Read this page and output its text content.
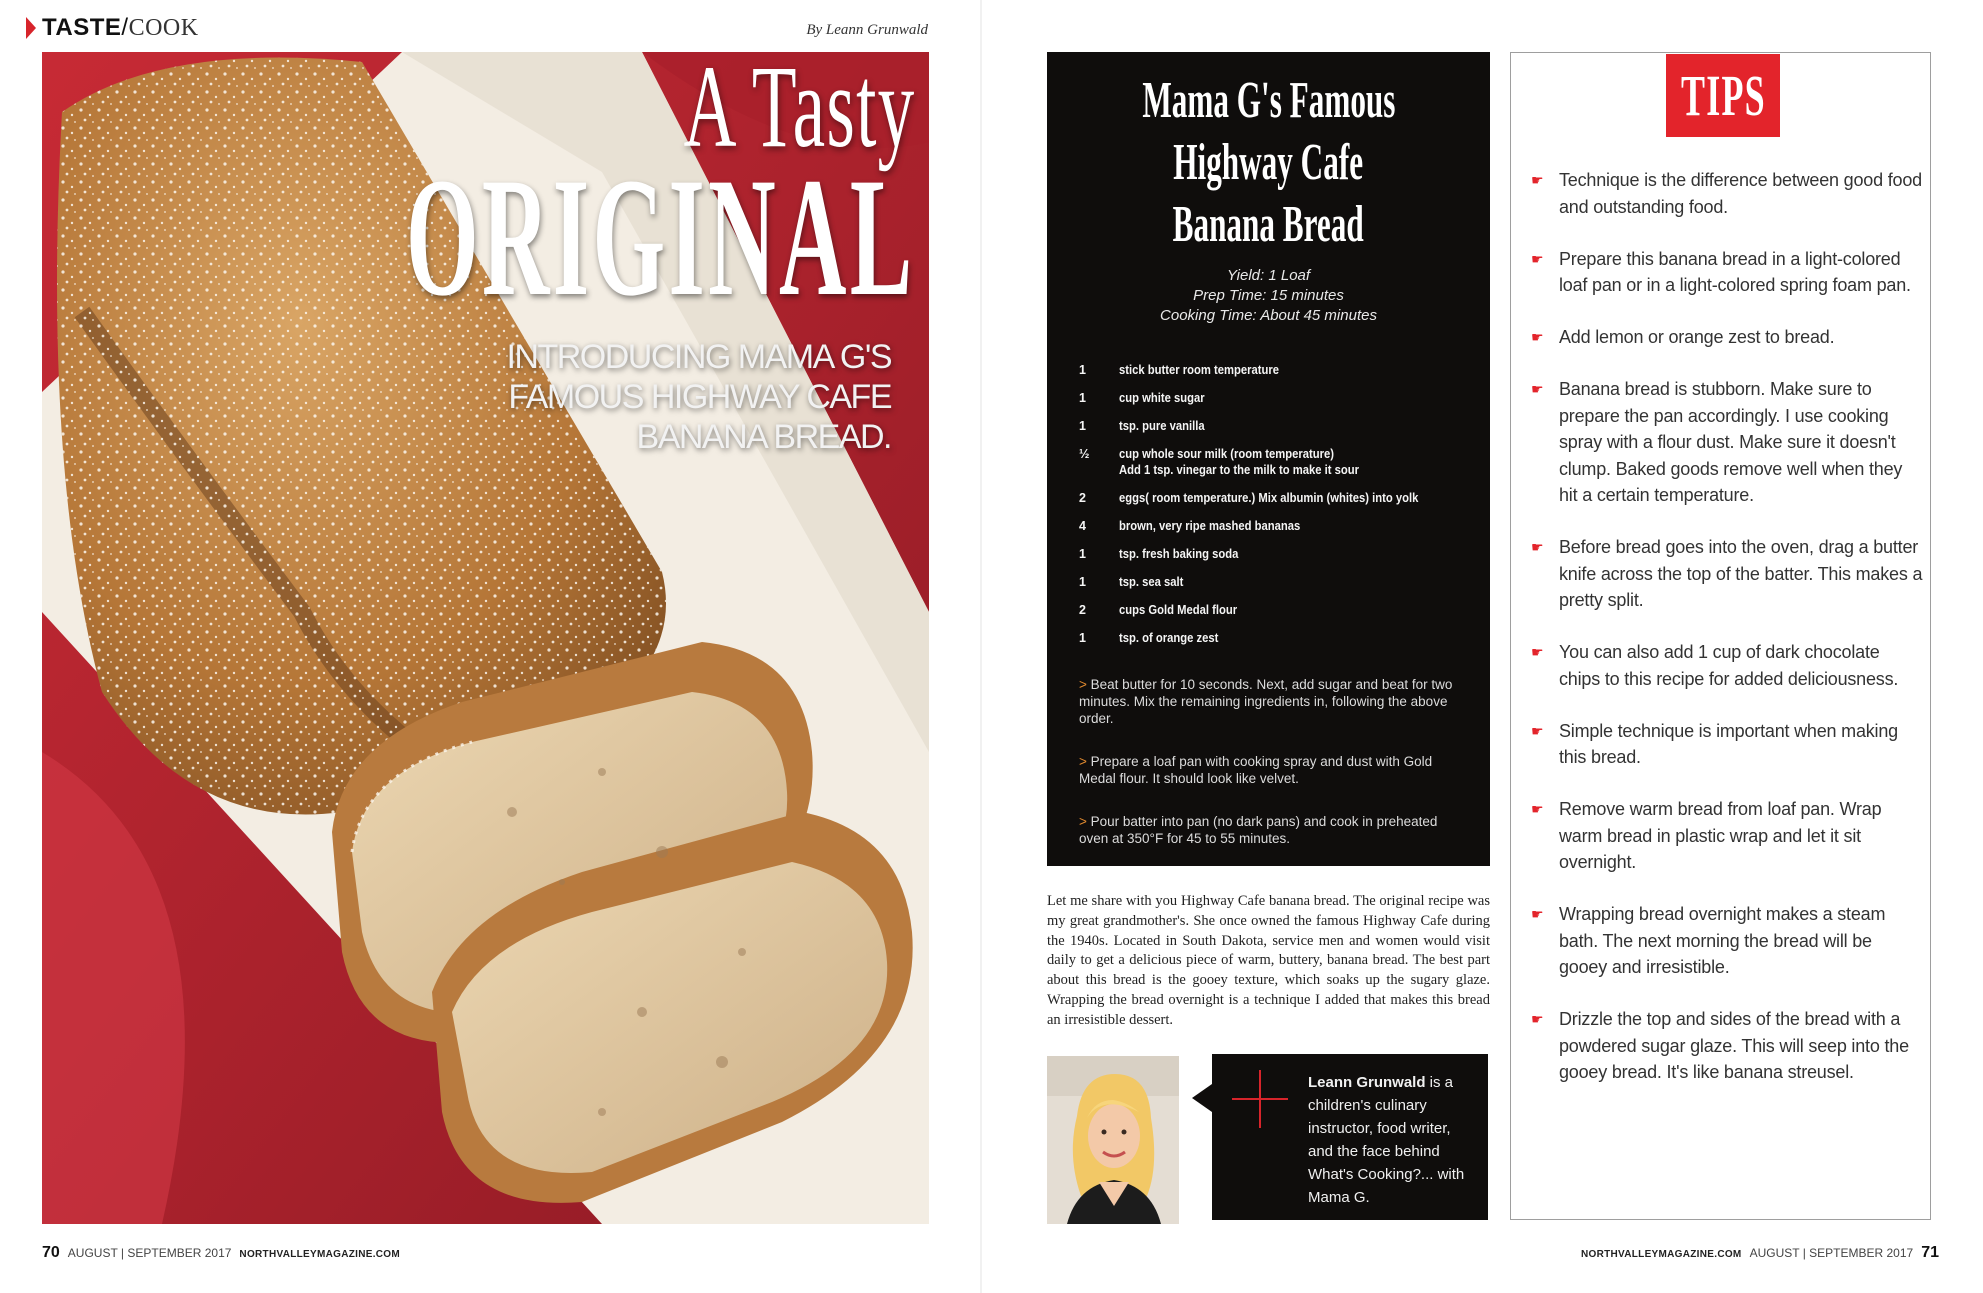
TASTE / COOK	By Leann Grunwald
A Tasty
ORIGINAL
INTRODUCING MAMA G'S FAMOUS HIGHWAY CAFE BANANA BREAD.
70 AUGUST | SEPTEMBER 2017 NORTHVALLEYMAGAZINE.COM
Mama G's Famous
Highway Cafe
Banana Bread
Yield: 1 Loaf
Prep Time: 15 minutes
Cooking Time: About 45 minutes
1	stick butter room temperature
1	cup white sugar
1	tsp. pure vanilla
½	cup whole sour milk (room temperature)
Add 1 tsp. vinegar to the milk to make it sour
2	eggs( room temperature.) Mix albumin (whites) into yolk
4	brown, very ripe mashed bananas
1	tsp. fresh baking soda
1	tsp. sea salt
2	cups Gold Medal flour
1	tsp. of orange zest
> Beat butter for 10 seconds. Next, add sugar and beat for two minutes. Mix the remaining ingredients in, following the above order.
> Prepare a loaf pan with cooking spray and dust with Gold Medal flour. It should look like velvet.
> Pour batter into pan (no dark pans) and cook in preheated oven at 350°F for 45 to 55 minutes.
Let me share with you Highway Cafe banana bread. The original recipe was my great grandmother's. She once owned the famous Highway Cafe during the 1940s. Located in South Dakota, service men and women would visit daily to get a delicious piece of warm, buttery, banana bread. The best part about this bread is the gooey texture, which soaks up the sugary glaze. Wrapping the bread overnight is a technique I added that makes this bread an irresistible dessert.
Leann Grunwald is a children's culinary instructor, food writer, and the face behind What's Cooking?... with Mama G.
TIPS
☛ Technique is the difference between good food and outstanding food.
☛ Prepare this banana bread in a light-colored loaf pan or in a light-colored spring foam pan.
☛ Add lemon or orange zest to bread.
☛ Banana bread is stubborn. Make sure to prepare the pan accordingly. I use cooking spray with a flour dust. Make sure it doesn't clump. Baked goods remove well when they hit a certain temperature.
☛ Before bread goes into the oven, drag a butter knife across the top of the batter. This makes a pretty split.
☛ You can also add 1 cup of dark chocolate chips to this recipe for added deliciousness.
☛ Simple technique is important when making this bread.
☛ Remove warm bread from loaf pan. Wrap warm bread in plastic wrap and let it sit overnight.
☛ Wrapping bread overnight makes a steam bath. The next morning the bread will be gooey and irresistible.
☛ Drizzle the top and sides of the bread with a powdered sugar glaze. This will seep into the gooey bread. It's like banana streusel.
NORTHVALLEYMAGAZINE.COM AUGUST | SEPTEMBER 2017 71
